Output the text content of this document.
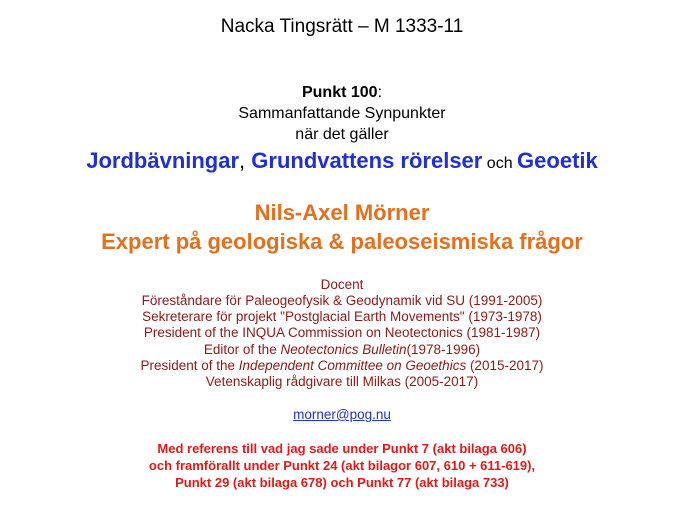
Nacka Tingsrätt – M 1333-11
Punkt 100:
Sammanfattande Synpunkter
när det gäller
Jordbävningar, Grundvattens rörelser och Geoetik
Nils-Axel Mörner
Expert på geologiska & paleoseismiska frågor
Docent
Föreståndare för Paleogeofysik & Geodynamik vid SU (1991-2005)
Sekreterare för projekt "Postglacial Earth Movements" (1973-1978)
President of the INQUA Commission on Neotectonics (1981-1987)
Editor of the Neotectonics Bulletin(1978-1996)
President of the Independent Committee on Geoethics (2015-2017)
Vetenskaplig rådgivare till Milkas (2005-2017)
morner@pog.nu
Med referens till vad jag sade under Punkt 7 (akt bilaga 606)
och framförallt under Punkt 24 (akt bilagor 607, 610 + 611-619),
Punkt 29 (akt bilaga 678) och Punkt 77 (akt bilaga 733)
